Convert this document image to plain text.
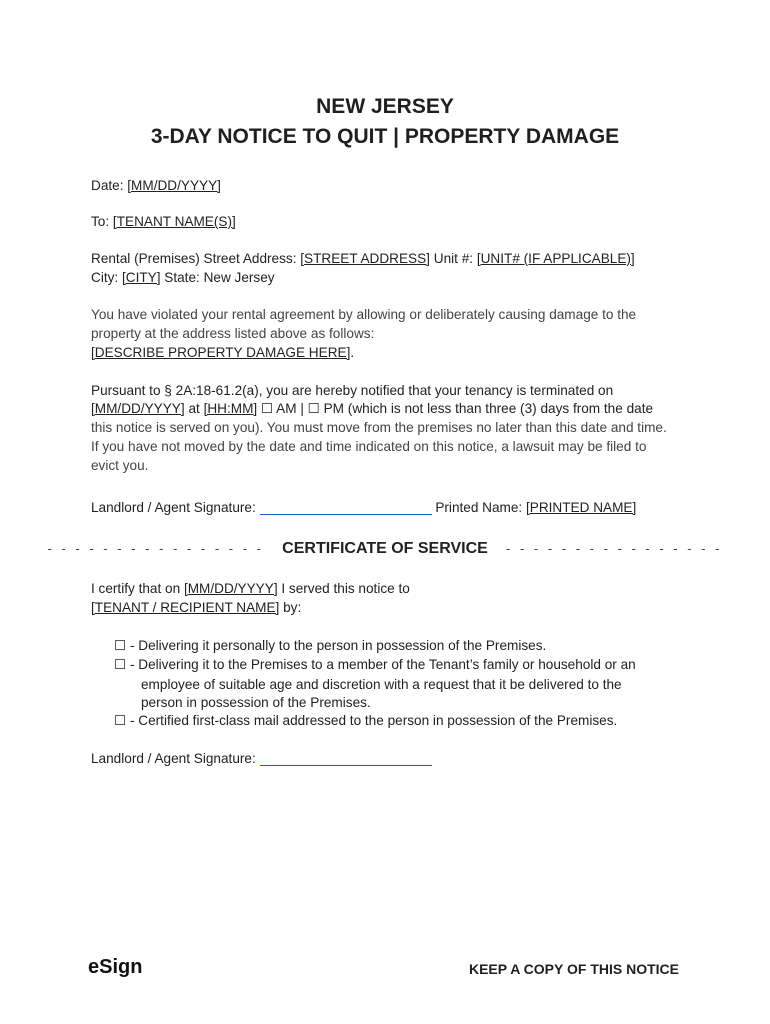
NEW JERSEY
3-DAY NOTICE TO QUIT | PROPERTY DAMAGE
Date: [MM/DD/YYYY]
To: [TENANT NAME(S)]
Rental (Premises) Street Address: [STREET ADDRESS] Unit #: [UNIT# (IF APPLICABLE)]
City: [CITY] State: New Jersey
You have violated your rental agreement by allowing or deliberately causing damage to the
property at the address listed above as follows:
[DESCRIBE PROPERTY DAMAGE HERE].
Pursuant to § 2A:18-61.2(a), you are hereby notified that your tenancy is terminated on
[MM/DD/YYYY] at [HH:MM] ☐ AM | ☐ PM (which is not less than three (3) days from the date
this notice is served on you). You must move from the premises no later than this date and time.
If you have not moved by the date and time indicated on this notice, a lawsuit may be filed to
evict you.
Landlord / Agent Signature:	Printed Name: [PRINTED NAME]
- - - - - - - - - - - - - - - - CERTIFICATE OF SERVICE - - - - - - - - - - - - - - - -
I certify that on [MM/DD/YYYY] I served this notice to
[TENANT / RECIPIENT NAME] by:
☐ - Delivering it personally to the person in possession of the Premises.
☐ - Delivering it to the Premises to a member of the Tenant’s family or household or an
employee of suitable age and discretion with a request that it be delivered to the
person in possession of the Premises.
☐ - Certified first-class mail addressed to the person in possession of the Premises.
Landlord / Agent Signature:
eSign	KEEP A COPY OF THIS NOTICE
